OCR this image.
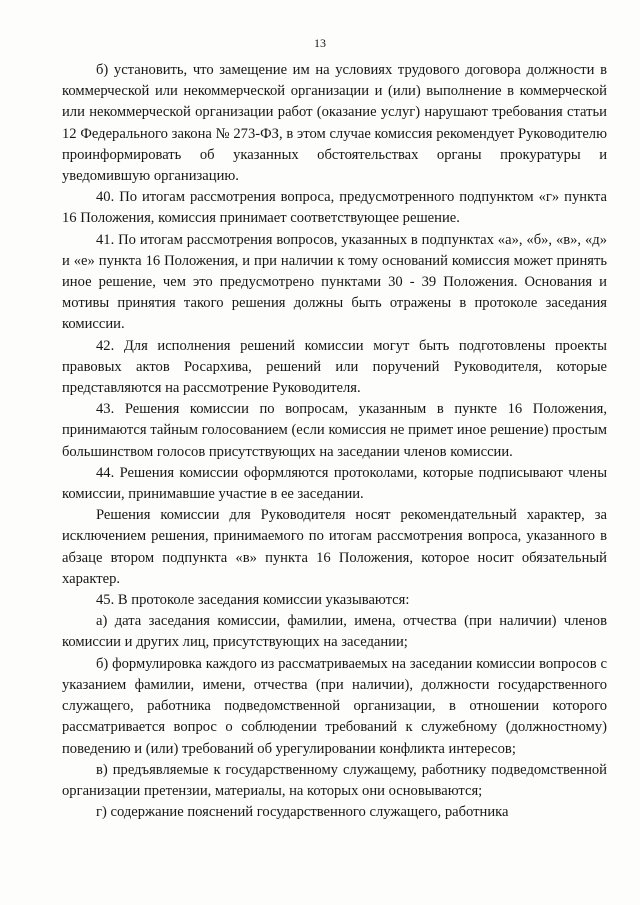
13

б) установить, что замещение им на условиях трудового договора должности в коммерческой или некоммерческой организации и (или) выполнение в коммерческой или некоммерческой организации работ (оказание услуг) нарушают требования статьи 12 Федерального закона № 273-ФЗ, в этом случае комиссия рекомендует Руководителю проинформировать об указанных обстоятельствах органы прокуратуры и уведомившую организацию.

40. По итогам рассмотрения вопроса, предусмотренного подпунктом «г» пункта 16 Положения, комиссия принимает соответствующее решение.

41. По итогам рассмотрения вопросов, указанных в подпунктах «а», «б», «в», «д» и «е» пункта 16 Положения, и при наличии к тому оснований комиссия может принять иное решение, чем это предусмотрено пунктами 30 - 39 Положения. Основания и мотивы принятия такого решения должны быть отражены в протоколе заседания комиссии.

42. Для исполнения решений комиссии могут быть подготовлены проекты правовых актов Росархива, решений или поручений Руководителя, которые представляются на рассмотрение Руководителя.

43. Решения комиссии по вопросам, указанным в пункте 16 Положения, принимаются тайным голосованием (если комиссия не примет иное решение) простым большинством голосов присутствующих на заседании членов комиссии.

44. Решения комиссии оформляются протоколами, которые подписывают члены комиссии, принимавшие участие в ее заседании.

Решения комиссии для Руководителя носят рекомендательный характер, за исключением решения, принимаемого по итогам рассмотрения вопроса, указанного в абзаце втором подпункта «в» пункта 16 Положения, которое носит обязательный характер.

45. В протоколе заседания комиссии указываются:

а) дата заседания комиссии, фамилии, имена, отчества (при наличии) членов комиссии и других лиц, присутствующих на заседании;

б) формулировка каждого из рассматриваемых на заседании комиссии вопросов с указанием фамилии, имени, отчества (при наличии), должности государственного служащего, работника подведомственной организации, в отношении которого рассматривается вопрос о соблюдении требований к служебному (должностному) поведению и (или) требований об урегулировании конфликта интересов;

в) предъявляемые к государственному служащему, работнику подведомственной организации претензии, материалы, на которых они основываются;

г) содержание пояснений государственного служащего, работника
